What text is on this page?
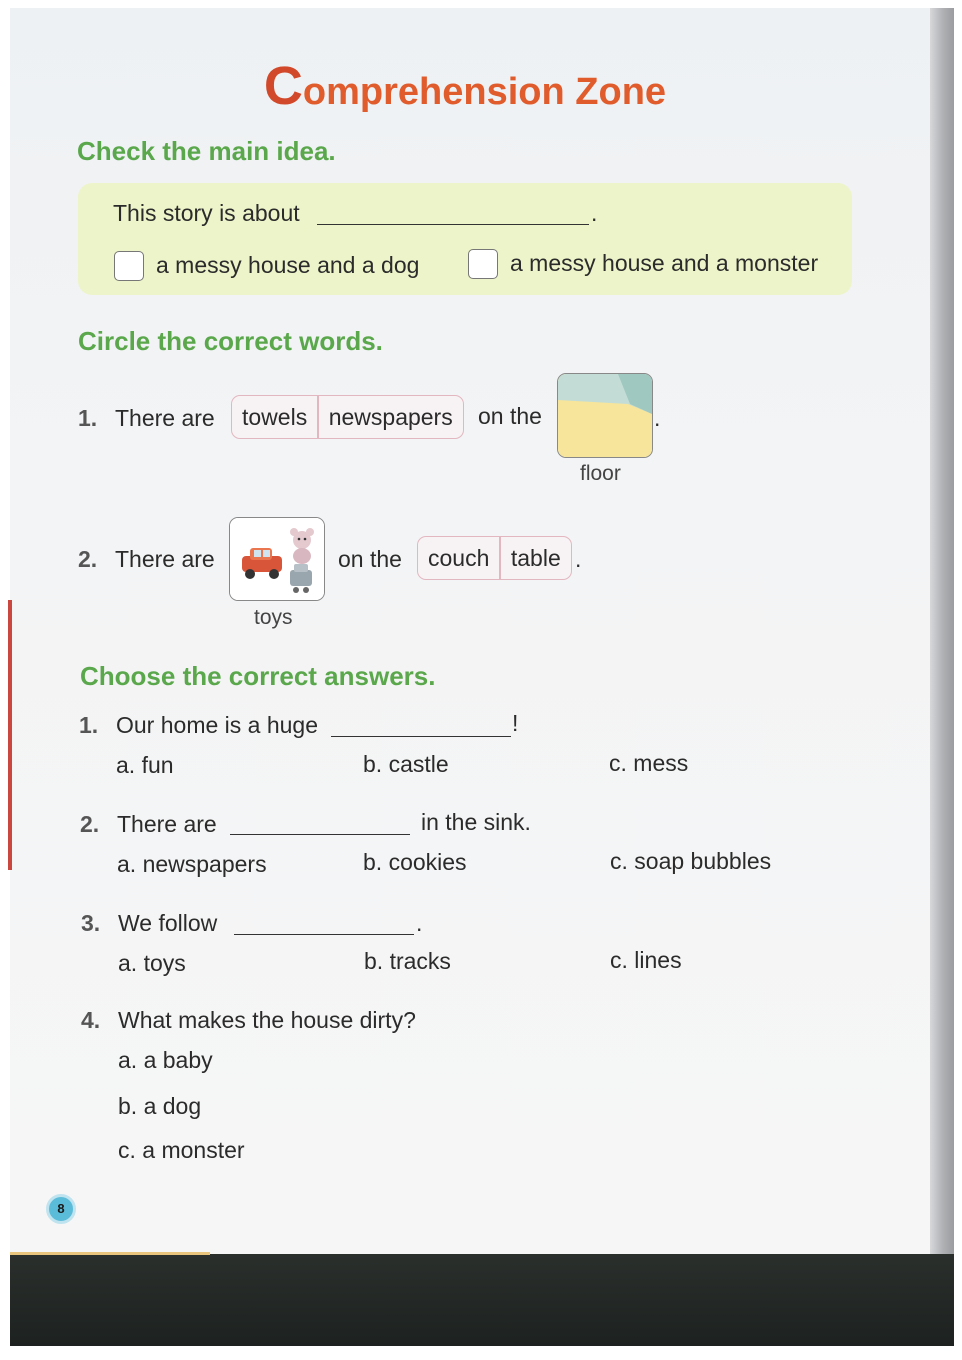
Comprehension Zone
Check the main idea.
This story is about	.
a messy house and a dog	a messy house and a monster
Circle the correct words.
1. There are	towels newspapers	on the	.
floor
2. There are	on the	couch table .
toys
Choose the correct answers.
1. Our home is a huge	!
a. fun	b. castle	c. mess
2. There are	in the sink.
a. newspapers	b. cookies	c. soap bubbles
3. We follow	.
a. toys	b. tracks	c. lines
4. What makes the house dirty?
a. a baby
b. a dog
c. a monster
8
